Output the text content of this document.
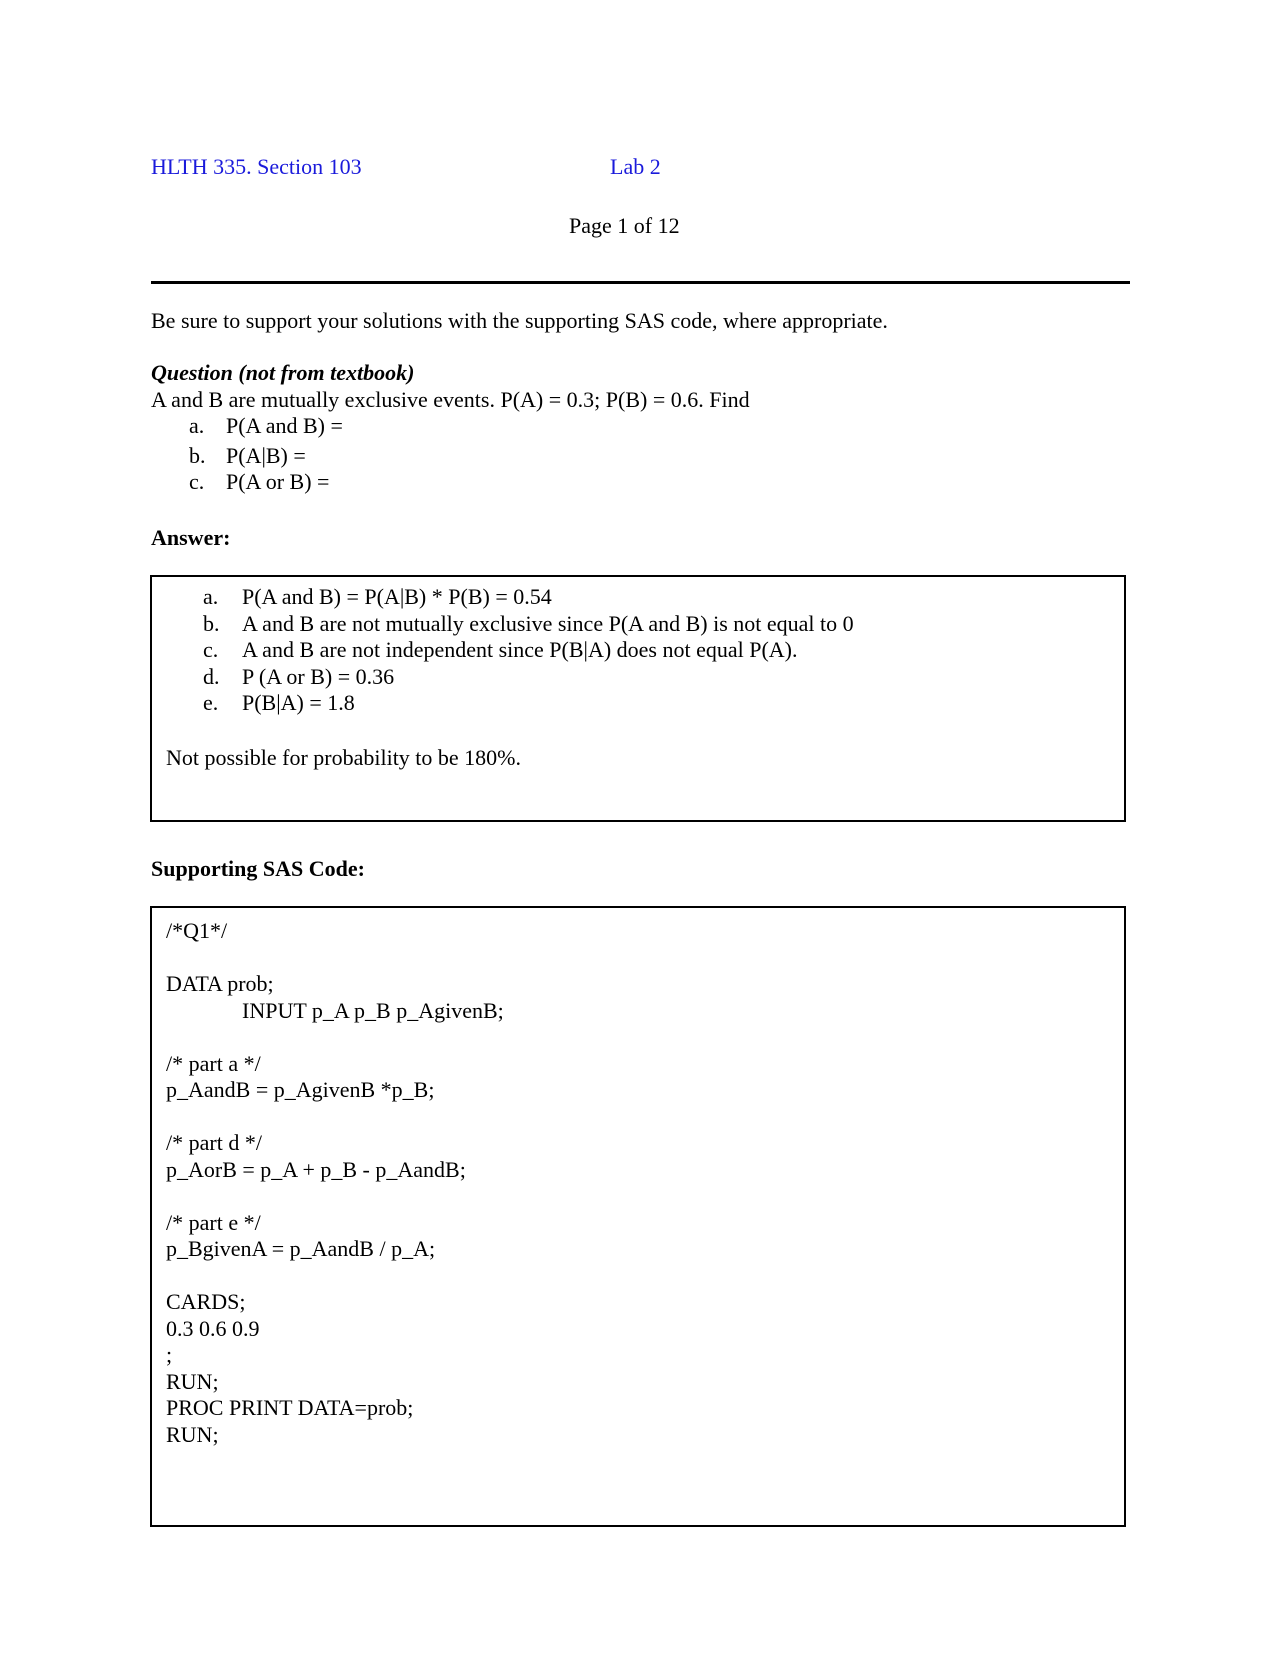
HLTH 335. Section 103	Lab 2
Page 1 of 12
Be sure to support your solutions with the supporting SAS code, where appropriate.
Question (not from textbook)
A and B are mutually exclusive events. P(A) = 0.3; P(B) = 0.6. Find
a. P(A and B) =
b. P(A|B) =
c. P(A or B) =
Answer:
a. P(A and B) = P(A|B) * P(B) = 0.54
b. A and B are not mutually exclusive since P(A and B) is not equal to 0
c. A and B are not independent since P(B|A) does not equal P(A).
d. P (A or B) = 0.36
e. P(B|A) = 1.8
Not possible for probability to be 180%.
Supporting SAS Code:
/*Q1*/
DATA prob;
INPUT p_A p_B p_AgivenB;
/* part a */
p_AandB = p_AgivenB *p_B;
/* part d */
p_AorB = p_A + p_B - p_AandB;
/* part e */
p_BgivenA = p_AandB / p_A;
CARDS;
0.3 0.6 0.9
;
RUN;
PROC PRINT DATA=prob;
RUN;
